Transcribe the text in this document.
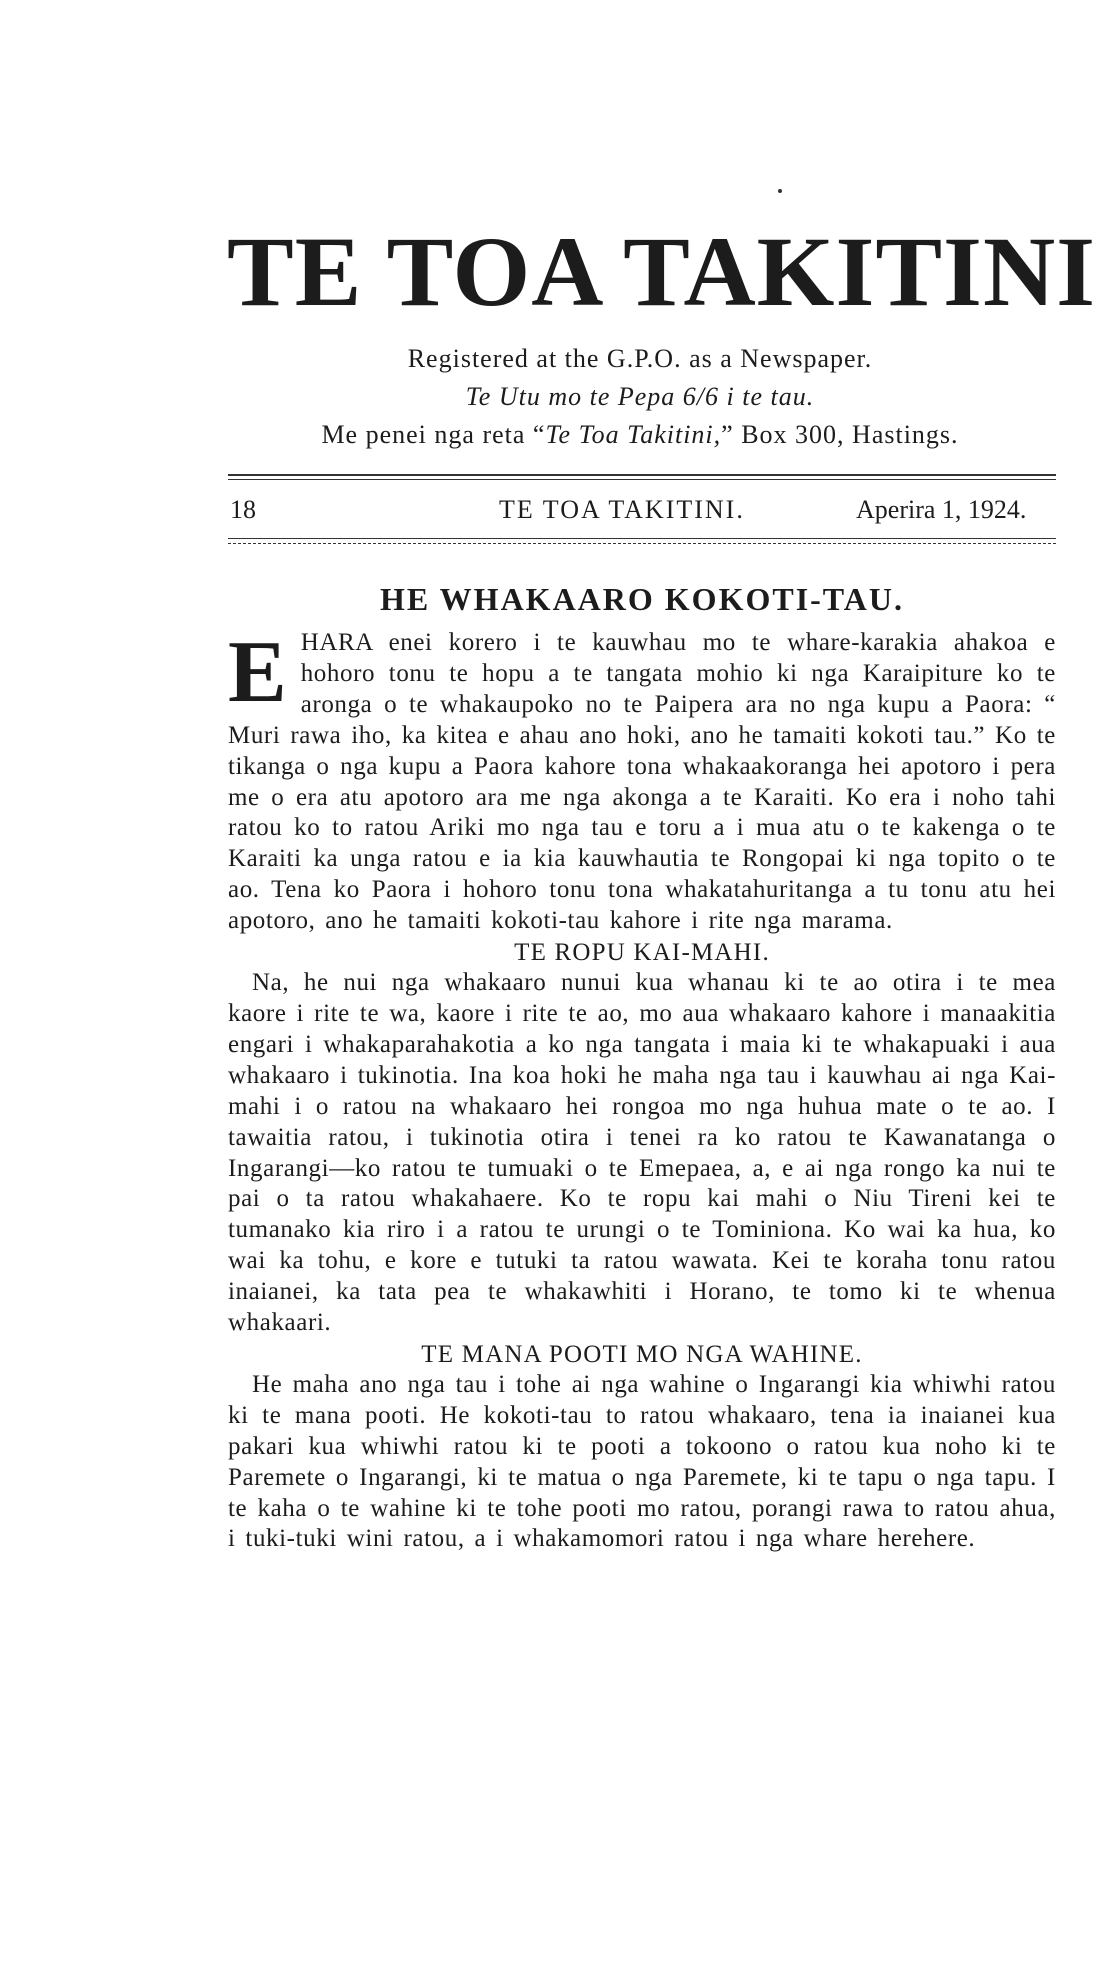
TE TOA TAKITINI
Registered at the G.P.O. as a Newspaper.
Te Utu mo te Pepa 6/6 i te tau.
Me penei nga reta “Te Toa Takitini,” Box 300, Hastings.
18	TE TOA TAKITINI.	Aperira 1, 1924.
HE WHAKAARO KOKOTI-TAU.
E HARA enei korero i te kauwhau mo te whare-karakia ahakoa e hohoro tonu te hopu a te tangata mohio ki nga Karaipiture ko te aronga o te whakaupoko no te Paipera ara no nga kupu a Paora: “ Muri rawa iho, ka kitea e ahau ano hoki, ano he tamaiti kokoti tau.” Ko te tikanga o nga kupu a Paora kahore tona whakaakoranga hei apotoro i pera me o era atu apotoro ara me nga akonga a te Karaiti. Ko era i noho tahi ratou ko to ratou Ariki mo nga tau e toru a i mua atu o te kakenga o te Karaiti ka unga ratou e ia kia kauwhautia te Rongopai ki nga topito o te ao. Tena ko Paora i hohoro tonu tona whakatahuritanga a tu tonu atu hei apotoro, ano he tamaiti kokoti-tau kahore i rite nga marama.

TE ROPU KAI-MAHI.

Na, he nui nga whakaaro nunui kua whanau ki te ao otira i te mea kaore i rite te wa, kaore i rite te ao, mo aua whakaaro kahore i manaakitia engari i whakaparahakotia a ko nga tangata i maia ki te whakapuaki i aua whakaaro i tukinotia. Ina koa hoki he maha nga tau i kauwhau ai nga Kai-mahi i o ratou na whakaaro hei rongoa mo nga huhua mate o te ao. I tawaitia ratou, i tukinotia otira i tenei ra ko ratou te Kawanatanga o Ingarangi—ko ratou te tumuaki o te Emepaea, a, e ai nga rongo ka nui te pai o ta ratou whakahaere. Ko te ropu kai mahi o Niu Tireni kei te tumanako kia riro i a ratou te urungi o te Tominiona. Ko wai ka hua, ko wai ka tohu, e kore e tutuki ta ratou wawata. Kei te koraha tonu ratou inaianei, ka tata pea te whakawhiti i Horano, te tomo ki te whenua whakaari.

TE MANA POOTI MO NGA WAHINE.

He maha ano nga tau i tohe ai nga wahine o Ingarangi kia whiwhi ratou ki te mana pooti. He kokoti-tau to ratou whakaaro, tena ia inaianei kua pakari kua whiwhi ratou ki te pooti a tokoono o ratou kua noho ki te Paremete o Ingarangi, ki te matua o nga Paremete, ki te tapu o nga tapu. I te kaha o te wahine ki te tohe pooti mo ratou, porangi rawa to ratou ahua, i tuki-tuki wini ratou, a i whakamomori ratou i nga whare herehere.
